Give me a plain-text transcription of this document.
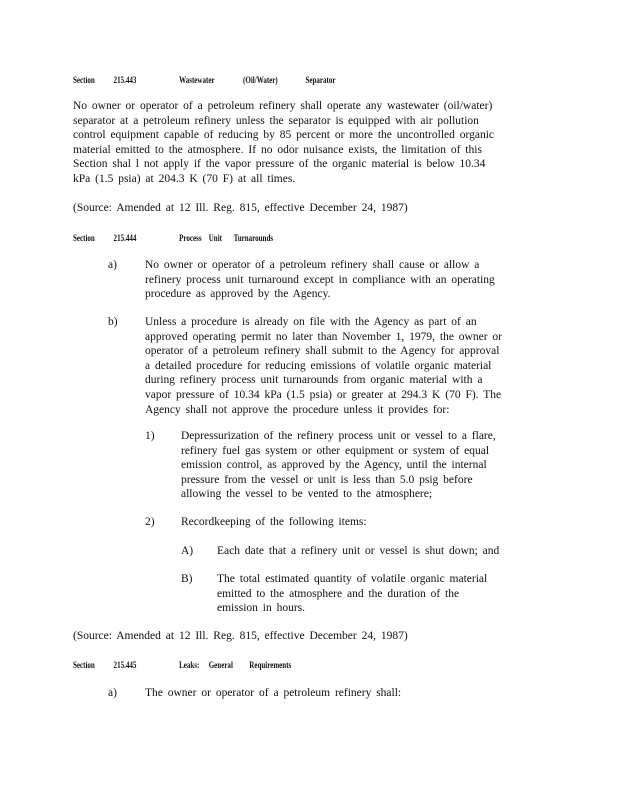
Section 215.443	Wastewater	(Oil/Water)	Separator

No owner or operator of a petroleum refinery shall operate any wastewater (oil/water) separator at a petroleum refinery unless the separator is equipped with air pollution control equipment capable of reducing by 85 percent or more the uncontrolled organic material emitted to the atmosphere. If no odor nuisance exists, the limitation of this Section shal l not apply if the vapor pressure of the organic material is below 10.34 kPa (1.5 psia) at 204.3 K (70 F) at all times.

(Source: Amended at 12 Ill. Reg. 815, effective December 24, 1987)

Section 215.444	Process Unit Turnarounds
a) No owner or operator of a petroleum refinery shall cause or allow a refinery process unit turnaround except in compliance with an operating procedure as approved by the Agency.

b) Unless a procedure is already on file with the Agency as part of an approved operating permit no later than November 1, 1979, the owner or operator of a petroleum refinery shall submit to the Agency for approval a detailed procedure for reducing emissions of volatile organic material during refinery process unit turnarounds from organic material with a vapor pressure of 10.34 kPa (1.5 psia) or greater at 294.3 K (70 F). The Agency shall not approve the procedure unless it provides for:

1) Depressurization of the refinery process unit or vessel to a flare, refinery fuel gas system or other equipment or system of equal emission control, as approved by the Agency, until the internal pressure from the vessel or unit is less than 5.0 psig before allowing the vessel to be vented to the atmosphere;

2) Recordkeeping of the following items:

A) Each date that a refinery unit or vessel is shut down; and

B) The total estimated quantity of volatile organic material emitted to the atmosphere and the duration of the emission in hours.

(Source: Amended at 12 Ill. Reg. 815, effective December 24, 1987)

Section 215.445	Leaks: General Requirements
a) The owner or operator of a petroleum refinery shall:
